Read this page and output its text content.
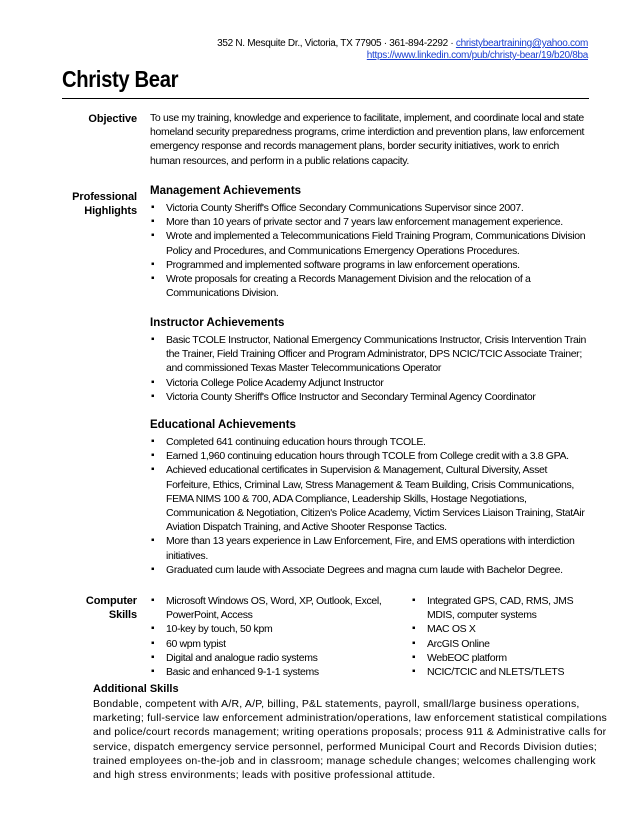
352 N. Mesquite Dr., Victoria, TX 77905 · 361-894-2292 · christybeartraining@yahoo.com
https://www.linkedin.com/pub/christy-bear/19/b20/8ba
Christy Bear
Objective To use my training, knowledge and experience to facilitate, implement, and coordinate local and state homeland security preparedness programs, crime interdiction and prevention plans, law enforcement emergency response and records management plans, border security initiatives, work to enrich human resources, and perform in a public relations capacity.
Professional
Highlights
Management Achievements
▪ Victoria County Sheriff's Office Secondary Communications Supervisor since 2007.
▪ More than 10 years of private sector and 7 years law enforcement management experience.
▪ Wrote and implemented a Telecommunications Field Training Program, Communications Division Policy and Procedures, and Communications Emergency Operations Procedures.
▪ Programmed and implemented software programs in law enforcement operations.
▪ Wrote proposals for creating a Records Management Division and the relocation of a Communications Division.
Instructor Achievements
▪ Basic TCOLE Instructor, National Emergency Communications Instructor, Crisis Intervention Train the Trainer, Field Training Officer and Program Administrator, DPS NCIC/TCIC Associate Trainer; and commissioned Texas Master Telecommunications Operator
▪ Victoria College Police Academy Adjunct Instructor
▪ Victoria County Sheriff's Office Instructor and Secondary Terminal Agency Coordinator
Educational Achievements
▪ Completed 641 continuing education hours through TCOLE.
▪ Earned 1,960 continuing education hours through TCOLE from College credit with a 3.8 GPA.
▪ Achieved educational certificates in Supervision & Management, Cultural Diversity, Asset Forfeiture, Ethics, Criminal Law, Stress Management & Team Building, Crisis Communications, FEMA NIMS 100 & 700, ADA Compliance, Leadership Skills, Hostage Negotiations, Communication & Negotiation, Citizen's Police Academy, Victim Services Liaison Training, StatAir Aviation Dispatch Training, and Active Shooter Response Tactics.
▪ More than 13 years experience in Law Enforcement, Fire, and EMS operations with interdiction initiatives.
▪ Graduated cum laude with Associate Degrees and magna cum laude with Bachelor Degree.
Computer
Skills
▪ Microsoft Windows OS, Word, XP, Outlook, Excel, PowerPoint, Access
▪ 10-key by touch, 50 kpm
▪ 60 wpm typist
▪ Digital and analogue radio systems
▪ Basic and enhanced 9-1-1 systems
▪ Integrated GPS, CAD, RMS, JMS MDIS, computer systems
▪ MAC OS X
▪ ArcGIS Online
▪ WebEOC platform
▪ NCIC/TCIC and NLETS/TLETS
Additional Skills
Bondable, competent with A/R, A/P, billing, P&L statements, payroll, small/large business operations, marketing; full-service law enforcement administration/operations, law enforcement statistical compilations and police/court records management; writing operations proposals; process 911 & Administrative calls for service, dispatch emergency service personnel, performed Municipal Court and Records Division duties; trained employees on-the-job and in classroom; manage schedule changes; welcomes challenging work and high stress environments; leads with positive professional attitude.
